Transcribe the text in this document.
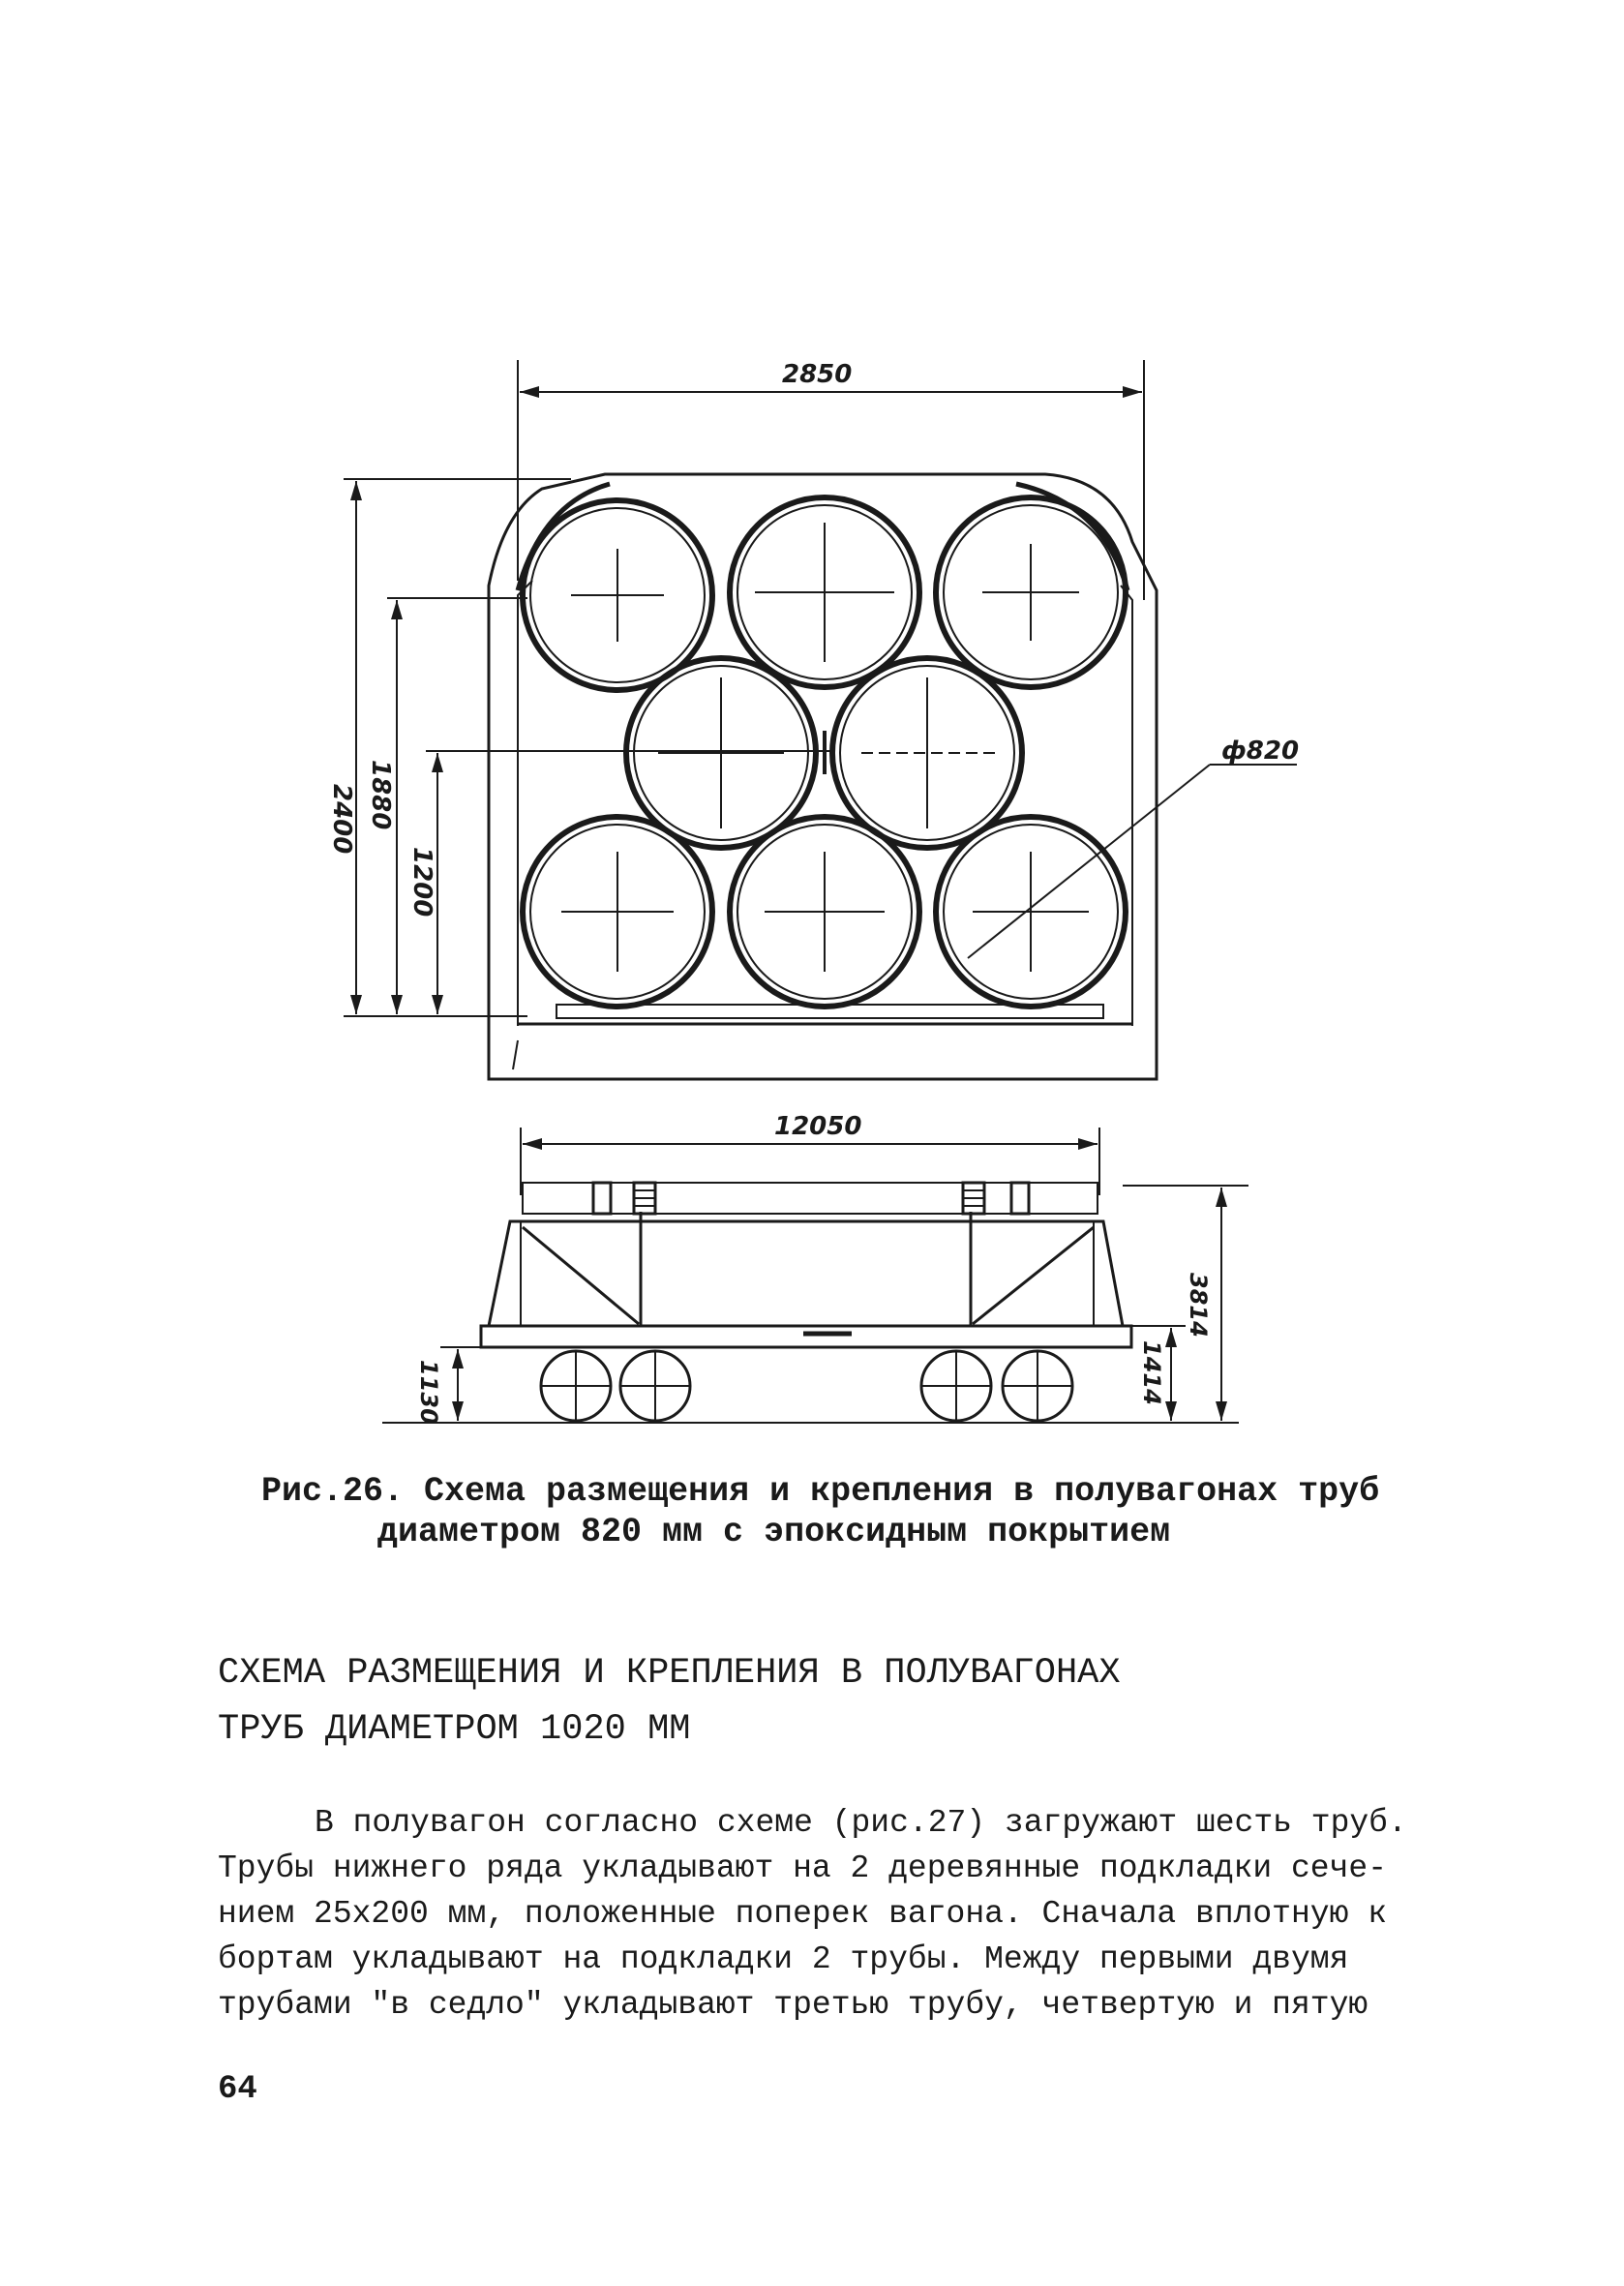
2850
2400 1880
1200
ф820
12050
1130	1414
3814
Рис.26. Схема размещения и крепления в полувагонах труб
диаметром 820 мм с эпоксидным покрытием
СХЕМА РАЗМЕЩЕНИЯ И КРЕПЛЕНИЯ В ПОЛУВАГОНАХ
ТРУБ ДИАМЕТРОМ 1020 ММ
В полувагон согласно схеме (рис.27) загружают шесть труб.
Трубы нижнего ряда укладывают на 2 деревянные подкладки сече-
нием 25х200 мм, положенные поперек вагона. Сначала вплотную к
бортам укладывают на подкладки 2 трубы. Между первыми двумя
трубами "в седло" укладывают третью трубу, четвертую и пятую
64
